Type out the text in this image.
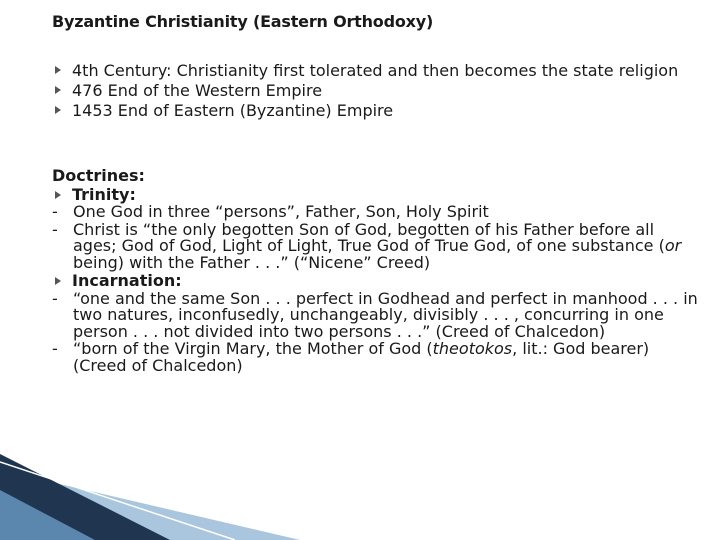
Byzantine Christianity (Eastern Orthodoxy)
4th Century: Christianity first tolerated and then becomes the state religion
476 End of the Western Empire
1453 End of Eastern (Byzantine) Empire
Doctrines:
Trinity:
- One God in three “persons”, Father, Son, Holy Spirit
- Christ is “the only begotten Son of God, begotten of his Father before all ages; God of God, Light of Light, True God of True God, of one substance (or being) with the Father . . .” (“Nicene” Creed)
Incarnation:
- “one and the same Son . . . perfect in Godhead and perfect in manhood . . . in two natures, inconfusedly, unchangeably, divisibly . . . , concurring in one person . . . not divided into two persons . . .” (Creed of Chalcedon)
- “born of the Virgin Mary, the Mother of God (theotokos, lit.: God bearer) (Creed of Chalcedon)
